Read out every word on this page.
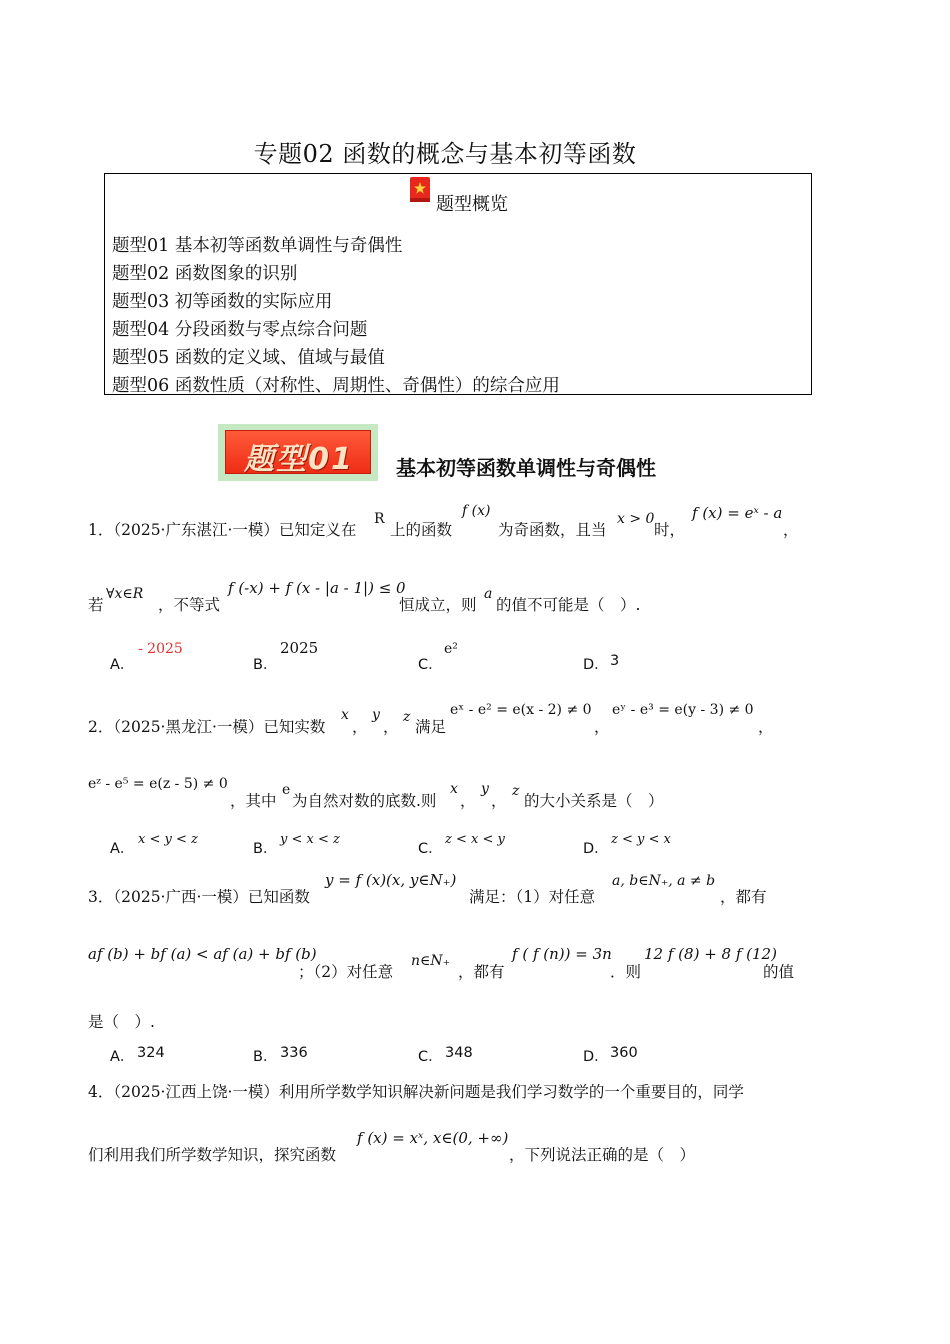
专题02 函数的概念与基本初等函数
题型概览
题型01 基本初等函数单调性与奇偶性
题型02 函数图象的识别
题型03 初等函数的实际应用
题型04 分段函数与零点综合问题
题型05 函数的定义域、值域与最值
题型06 函数性质（对称性、周期性、奇偶性）的综合应用
题型01	基本初等函数单调性与奇偶性
1．（2025·广东湛江·一模）已知定义在
R
上的函数
f (x)
为奇函数，且当
x > 0
时，
f (x) = eˣ - a
，
若
∀x∈R
，不等式
f (-x) + f (x - |a - 1|) ≤ 0
恒成立，则
a
的值不可能是（　）.
A．
- 2025
B．
2025
C．
e²
D． 3
2．（2025·黑龙江·一模）已知实数
x
，
y
，
z
满足
eˣ - e² = e(x - 2) ≠ 0
，
eʸ - e³ = e(y - 3) ≠ 0
，
eᶻ - e⁵ = e(z - 5) ≠ 0
，其中
e
为自然对数的底数.则
x
，
y
，
z
的大小关系是（　）
A．
x < y < z
B．
y < x < z
C．
z < x < y
D．
z < y < x
3．（2025·广西·一模）已知函数
y = f (x)(x, y∈N₊)
满足：（1）对任意
a, b∈N₊, a ≠ b
，都有
af (b) + bf (a) < af (a) + bf (b)
；（2）对任意
n∈N₊
，都有
f ( f (n)) = 3n
．则
12 f (8) + 8 f (12)
的值
是（　）.
A． 324	B． 336	C． 348	D． 360
4．（2025·江西上饶·一模）利用所学数学知识解决新问题是我们学习数学的一个重要目的，同学
们利用我们所学数学知识，探究函数
f (x) = xˣ, x∈(0, +∞)
，下列说法正确的是（　）
